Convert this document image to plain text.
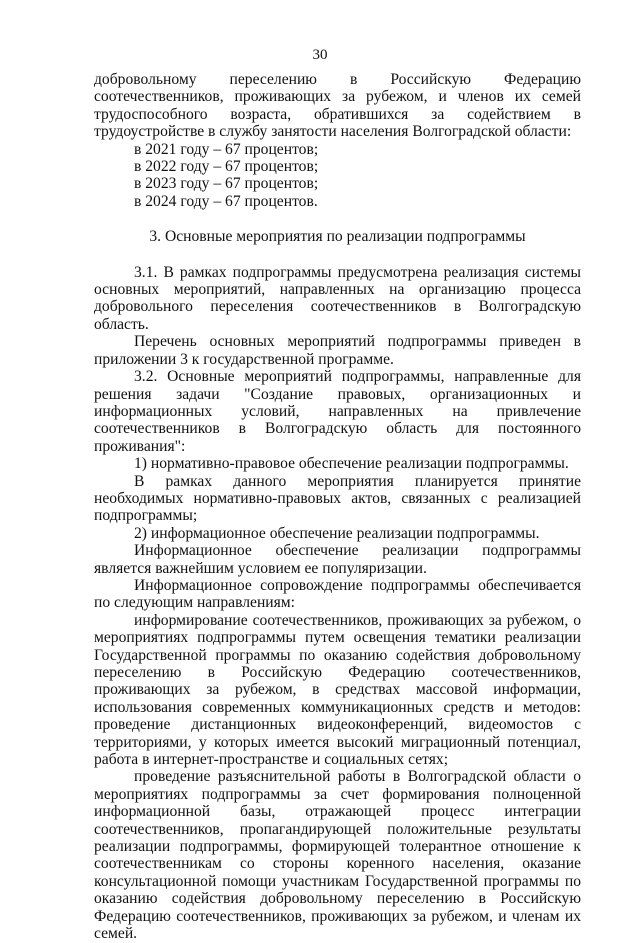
30

добровольному переселению в Российскую Федерацию соотечественников, проживающих за рубежом, и членов их семей трудоспособного возраста, обратившихся за содействием в трудоустройстве в службу занятости населения Волгоградской области:

в 2021 году – 67 процентов;
в 2022 году – 67 процентов;
в 2023 году – 67 процентов;
в 2024 году – 67 процентов.

3. Основные мероприятия по реализации подпрограммы

3.1. В рамках подпрограммы предусмотрена реализация системы основных мероприятий, направленных на организацию процесса добровольного переселения соотечественников в Волгоградскую область.

Перечень основных мероприятий подпрограммы приведен в приложении 3 к государственной программе.

3.2. Основные мероприятий подпрограммы, направленные для решения задачи "Создание правовых, организационных и информационных условий, направленных на привлечение соотечественников в Волгоградскую область для постоянного проживания":

1) нормативно-правовое обеспечение реализации подпрограммы.

В рамках данного мероприятия планируется принятие необходимых нормативно-правовых актов, связанных с реализацией подпрограммы;

2) информационное обеспечение реализации подпрограммы.

Информационное обеспечение реализации подпрограммы является важнейшим условием ее популяризации.

Информационное сопровождение подпрограммы обеспечивается по следующим направлениям:

информирование соотечественников, проживающих за рубежом, о мероприятиях подпрограммы путем освещения тематики реализации Государственной программы по оказанию содействия добровольному переселению в Российскую Федерацию соотечественников, проживающих за рубежом, в средствах массовой информации, использования современных коммуникационных средств и методов: проведение дистанционных видеоконференций, видеомостов с территориями, у которых имеется высокий миграционный потенциал, работа в интернет-пространстве и социальных сетях;

проведение разъяснительной работы в Волгоградской области о мероприятиях подпрограммы за счет формирования полноценной информационной базы, отражающей процесс интеграции соотечественников, пропагандирующей положительные результаты реализации подпрограммы, формирующей толерантное отношение к соотечественникам со стороны коренного населения, оказание консультационной помощи участникам Государственной программы по оказанию содействия добровольному переселению в Российскую Федерацию соотечественников, проживающих за рубежом, и членам их семей.
